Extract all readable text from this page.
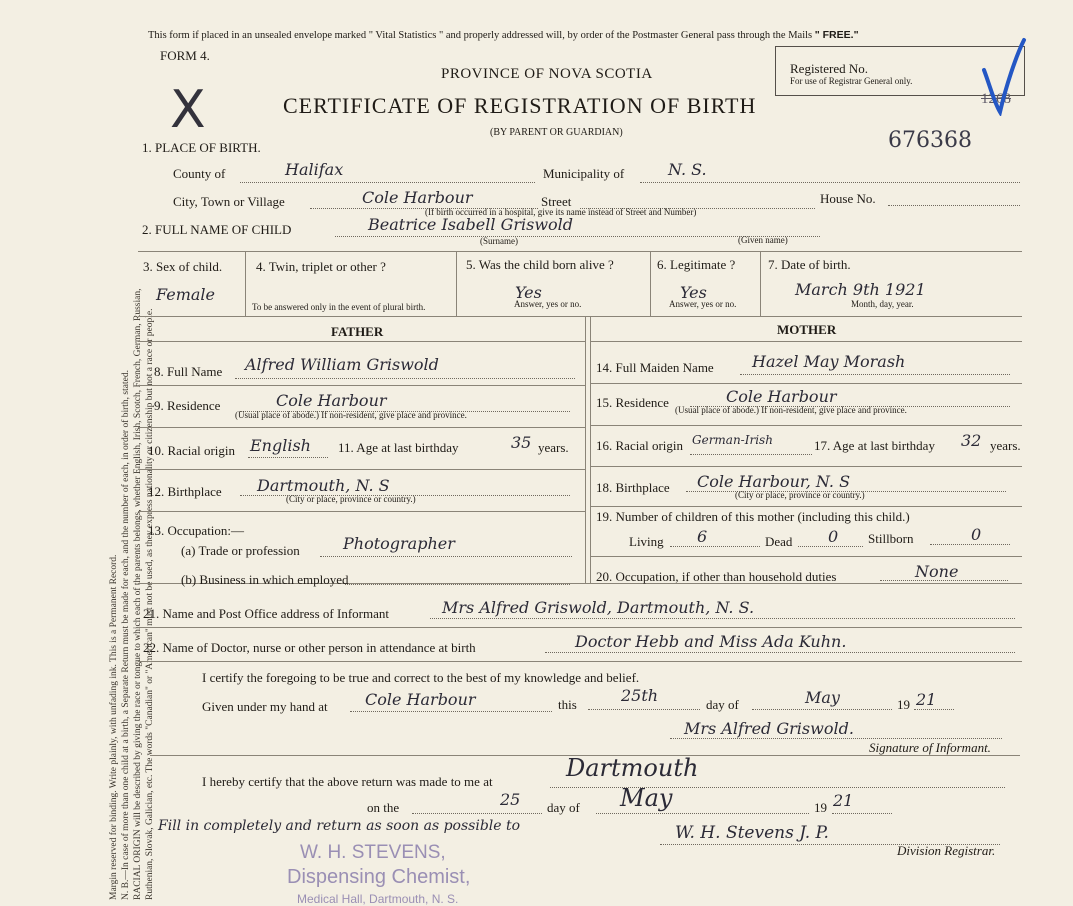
Margin reserved for binding. Write plainly, with unfading ink. This is a Permanent Record. N. B.—In case of more than one child at a birth, a Separate Return must be made for each, and the number of each, in order of birth, stated. RACIAL ORIGIN will be described by giving the race or tongue to which each of the parents belongs, whether English, Irish, Scotch, French, German, Russian, Ruthenian, Slovak, Galician, etc. The words "Canadian" or "American" must not be used, as they express nationality or citizenship but not a race or people.
This form if placed in an unsealed envelope marked " Vital Statistics " and properly addressed will, by order of the Postmaster General pass through the Mails " FREE."
FORM 4.
PROVINCE OF NOVA SCOTIA
CERTIFICATE OF REGISTRATION OF BIRTH
(BY PARENT OR GUARDIAN)
Registered No.
For use of Registrar General only.
1268
676368
X
1. PLACE OF BIRTH.
County of	Halifax	Municipality of	N. S.
City, Town or Village	Cole Harbour	Street	House No.
(If birth occurred in a hospital, give its name instead of Street and Number)
2. FULL NAME OF CHILD	Beatrice Isabell Griswold
(Surname)	(Given name)
3. Sex of child.
Female
4. Twin, triplet or other ?
To be answered only in the event of plural birth.
5. Was the child born alive ?
Yes
Answer, yes or no.
6. Legitimate ?
Yes
Answer, yes or no.
7. Date of birth.
March 9th 1921
Month, day, year.
FATHER	MOTHER
8. Full Name Alfred William Griswold
9. Residence	Cole Harbour
(Usual place of abode.) If non-resident, give place and province.
10. Racial origin English 11. Age at last birthday	35 years.
12. Birthplace Dartmouth, N. S
(City or place, province or country.)
13. Occupation:—
(a) Trade or profession	Photographer
(b) Business in which employed
14. Full Maiden Name Hazel May Morash
15. Residence	Cole Harbour
(Usual place of abode.) If non-resident, give place and province.
16. Racial origin German-Irish	17. Age at last birthday 32 years.
18. Birthplace Cole Harbour, N. S
(City or place, province or country.)
19. Number of children of this mother (including this child.)
Living 6	Dead 0 Stillborn	0
20. Occupation, if other than household duties	None
21. Name and Post Office address of Informant	Mrs Alfred Griswold, Dartmouth, N. S.
22. Name of Doctor, nurse or other person in attendance at birth	Doctor Hebb and Miss Ada Kuhn.
I certify the foregoing to be true and correct to the best of my knowledge and belief.
Given under my hand at Cole Harbour	this	25th	day of	May	19 21
Mrs Alfred Griswold.
Signature of Informant.
I hereby certify that the above return was made to me at	Dartmouth
on the	25 day of May	19 21
Fill in completely and return as soon as possible to	W. H. Stevens J. P.
Division Registrar.
W. H. STEVENS,
Dispensing Chemist,
Medical Hall, Dartmouth, N. S.
